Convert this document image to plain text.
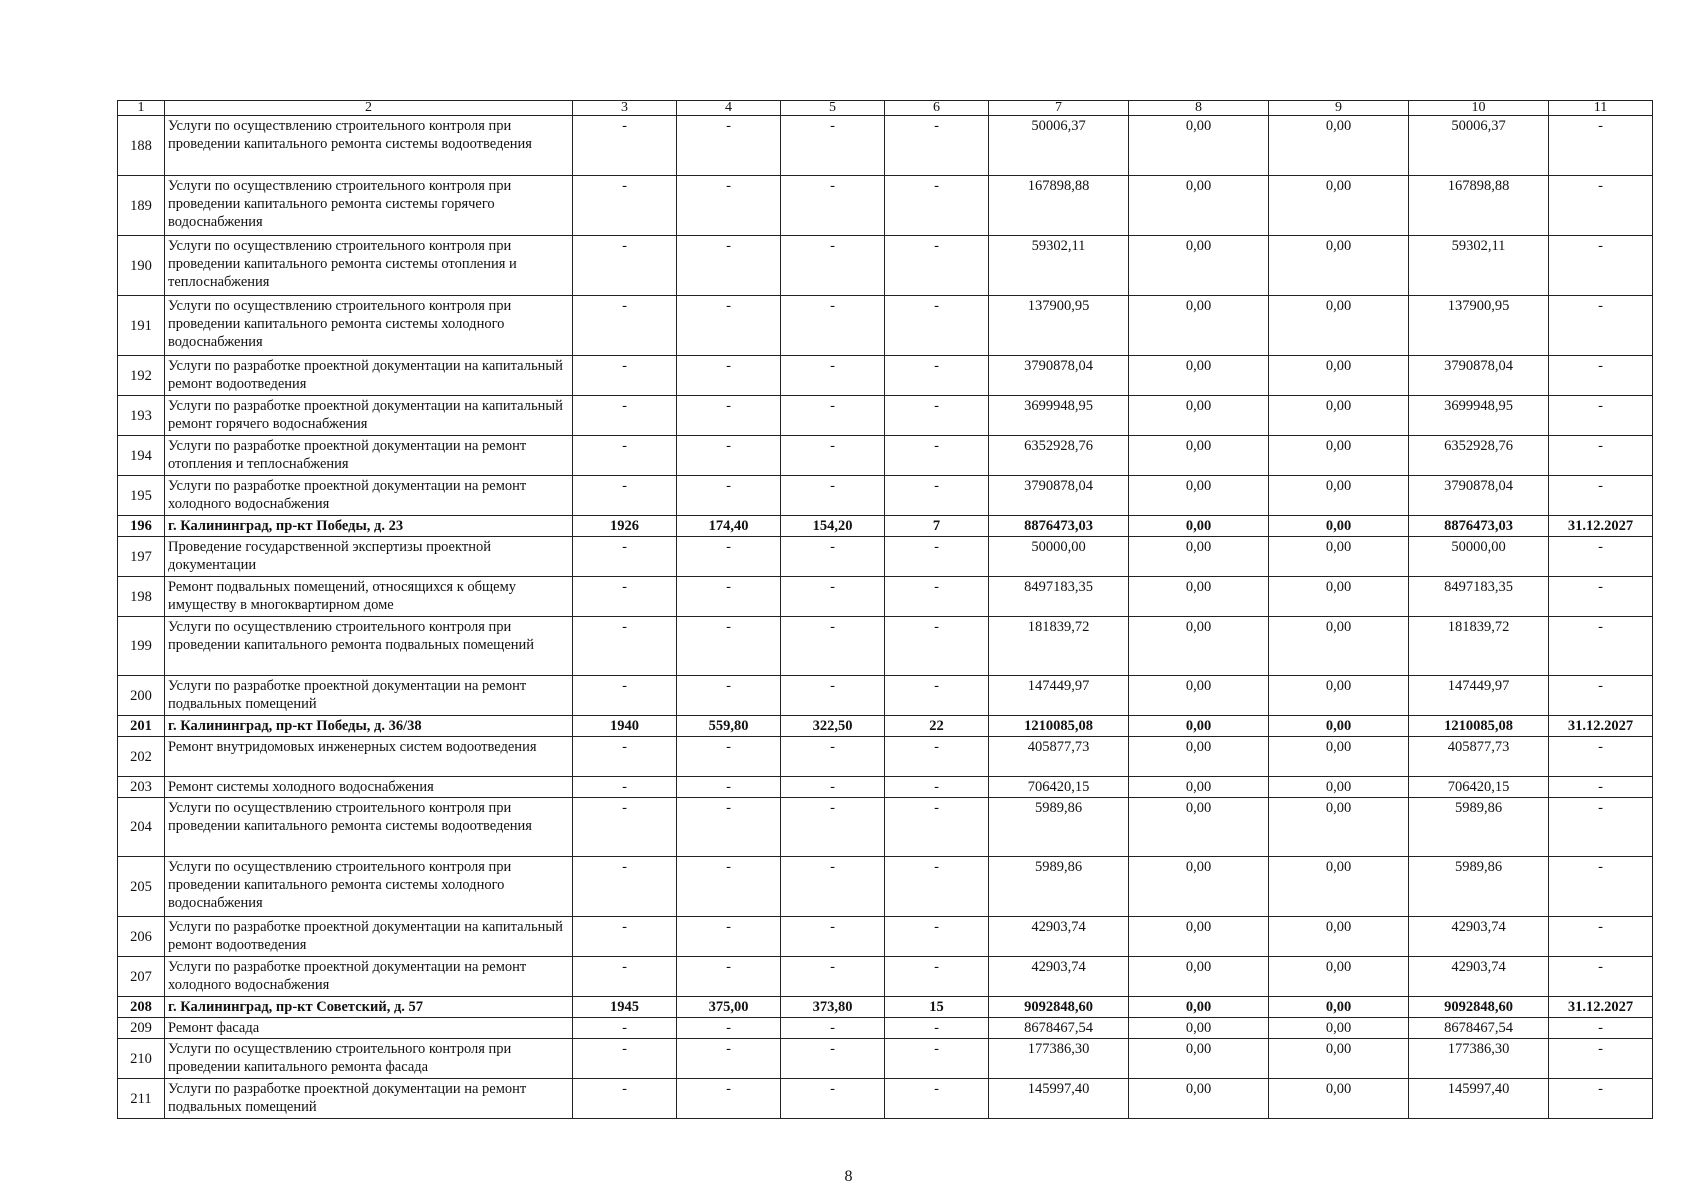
1	2	3	4	5	6	7	8	9	10	11
188	Услуги по осуществлению строительного контроля при проведении капитального ремонта системы водоотведения	-	-	-	-	50006,37	0,00	0,00	50006,37	-
189	Услуги по осуществлению строительного контроля при проведении капитального ремонта системы горячего водоснабжения	-	-	-	-	167898,88	0,00	0,00	167898,88	-
190	Услуги по осуществлению строительного контроля при проведении капитального ремонта системы отопления и теплоснабжения	-	-	-	-	59302,11	0,00	0,00	59302,11	-
191	Услуги по осуществлению строительного контроля при проведении капитального ремонта системы холодного водоснабжения	-	-	-	-	137900,95	0,00	0,00	137900,95	-
192	Услуги по разработке проектной документации на капитальный ремонт водоотведения	-	-	-	-	3790878,04	0,00	0,00	3790878,04	-
193	Услуги по разработке проектной документации на капитальный ремонт горячего водоснабжения	-	-	-	-	3699948,95	0,00	0,00	3699948,95	-
194	Услуги по разработке проектной документации на ремонт отопления и теплоснабжения	-	-	-	-	6352928,76	0,00	0,00	6352928,76	-
195	Услуги по разработке проектной документации на ремонт холодного водоснабжения	-	-	-	-	3790878,04	0,00	0,00	3790878,04	-
196	г. Калининград, пр-кт Победы, д. 23	1926	174,40	154,20	7	8876473,03	0,00	0,00	8876473,03	31.12.2027
197	Проведение государственной экспертизы проектной документации	-	-	-	-	50000,00	0,00	0,00	50000,00	-
198	Ремонт подвальных помещений, относящихся к общему имуществу в многоквартирном доме	-	-	-	-	8497183,35	0,00	0,00	8497183,35	-
199	Услуги по осуществлению строительного контроля при проведении капитального ремонта подвальных помещений	-	-	-	-	181839,72	0,00	0,00	181839,72	-
200	Услуги по разработке проектной документации на ремонт подвальных помещений	-	-	-	-	147449,97	0,00	0,00	147449,97	-
201	г. Калининград, пр-кт Победы, д. 36/38	1940	559,80	322,50	22	1210085,08	0,00	0,00	1210085,08	31.12.2027
202	Ремонт внутридомовых инженерных систем водоотведения	-	-	-	-	405877,73	0,00	0,00	405877,73	-
203	Ремонт системы холодного водоснабжения	-	-	-	-	706420,15	0,00	0,00	706420,15	-
204	Услуги по осуществлению строительного контроля при проведении капитального ремонта системы водоотведения	-	-	-	-	5989,86	0,00	0,00	5989,86	-
205	Услуги по осуществлению строительного контроля при проведении капитального ремонта системы холодного водоснабжения	-	-	-	-	5989,86	0,00	0,00	5989,86	-
206	Услуги по разработке проектной документации на капитальный ремонт водоотведения	-	-	-	-	42903,74	0,00	0,00	42903,74	-
207	Услуги по разработке проектной документации на ремонт холодного водоснабжения	-	-	-	-	42903,74	0,00	0,00	42903,74	-
208	г. Калининград, пр-кт Советский, д. 57	1945	375,00	373,80	15	9092848,60	0,00	0,00	9092848,60	31.12.2027
209	Ремонт фасада	-	-	-	-	8678467,54	0,00	0,00	8678467,54	-
210	Услуги по осуществлению строительного контроля при проведении капитального ремонта фасада	-	-	-	-	177386,30	0,00	0,00	177386,30	-
211	Услуги по разработке проектной документации на ремонт подвальных помещений	-	-	-	-	145997,40	0,00	0,00	145997,40	-
8
